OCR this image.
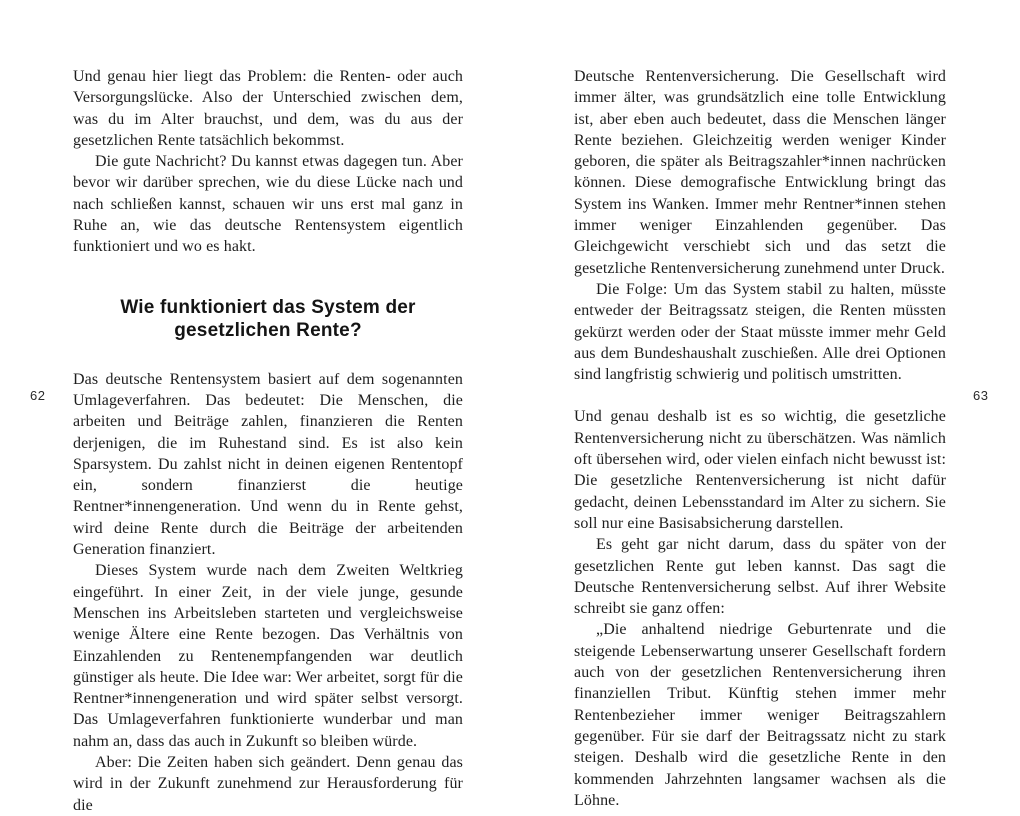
62

Und genau hier liegt das Problem: die Renten- oder auch Versorgungslücke. Also der Unterschied zwischen dem, was du im Alter brauchst, und dem, was du aus der gesetzlichen Rente tatsächlich bekommst.

Die gute Nachricht? Du kannst etwas dagegen tun. Aber bevor wir darüber sprechen, wie du diese Lücke nach und nach schließen kannst, schauen wir uns erst mal ganz in Ruhe an, wie das deutsche Rentensystem eigentlich funktioniert und wo es hakt.

Wie funktioniert das System der gesetzlichen Rente?

Das deutsche Rentensystem basiert auf dem sogenannten Umlageverfahren. Das bedeutet: Die Menschen, die arbeiten und Beiträge zahlen, finanzieren die Renten derjenigen, die im Ruhestand sind. Es ist also kein Sparsystem. Du zahlst nicht in deinen eigenen Rententopf ein, sondern finanzierst die heutige Rentner*innengeneration. Und wenn du in Rente gehst, wird deine Rente durch die Beiträge der arbeitenden Generation finanziert.

Dieses System wurde nach dem Zweiten Weltkrieg eingeführt. In einer Zeit, in der viele junge, gesunde Menschen ins Arbeitsleben starteten und vergleichsweise wenige Ältere eine Rente bezogen. Das Verhältnis von Einzahlenden zu Rentenempfangenden war deutlich günstiger als heute. Die Idee war: Wer arbeitet, sorgt für die Rentner*innengeneration und wird später selbst versorgt. Das Umlageverfahren funktionierte wunderbar und man nahm an, dass das auch in Zukunft so bleiben würde.

Aber: Die Zeiten haben sich geändert. Denn genau das wird in der Zukunft zunehmend zur Herausforderung für die

Deutsche Rentenversicherung. Die Gesellschaft wird immer älter, was grundsätzlich eine tolle Entwicklung ist, aber eben auch bedeutet, dass die Menschen länger Rente beziehen. Gleichzeitig werden weniger Kinder geboren, die später als Beitragszahler*innen nachrücken können. Diese demografische Entwicklung bringt das System ins Wanken. Immer mehr Rentner*innen stehen immer weniger Einzahlenden gegenüber. Das Gleichgewicht verschiebt sich und das setzt die gesetzliche Rentenversicherung zunehmend unter Druck.

Die Folge: Um das System stabil zu halten, müsste entweder der Beitragssatz steigen, die Renten müssten gekürzt werden oder der Staat müsste immer mehr Geld aus dem Bundeshaushalt zuschießen. Alle drei Optionen sind langfristig schwierig und politisch umstritten.

Und genau deshalb ist es so wichtig, die gesetzliche Rentenversicherung nicht zu überschätzen. Was nämlich oft übersehen wird, oder vielen einfach nicht bewusst ist: Die gesetzliche Rentenversicherung ist nicht dafür gedacht, deinen Lebensstandard im Alter zu sichern. Sie soll nur eine Basisabsicherung darstellen.

Es geht gar nicht darum, dass du später von der gesetzlichen Rente gut leben kannst. Das sagt die Deutsche Rentenversicherung selbst. Auf ihrer Website schreibt sie ganz offen:

„Die anhaltend niedrige Geburtenrate und die steigende Lebenserwartung unserer Gesellschaft fordern auch von der gesetzlichen Rentenversicherung ihren finanziellen Tribut. Künftig stehen immer mehr Rentenbezieher immer weniger Beitragszahlern gegenüber. Für sie darf der Beitragssatz nicht zu stark steigen. Deshalb wird die gesetzliche Rente in den kommenden Jahrzehnten langsamer wachsen als die Löhne.

63
